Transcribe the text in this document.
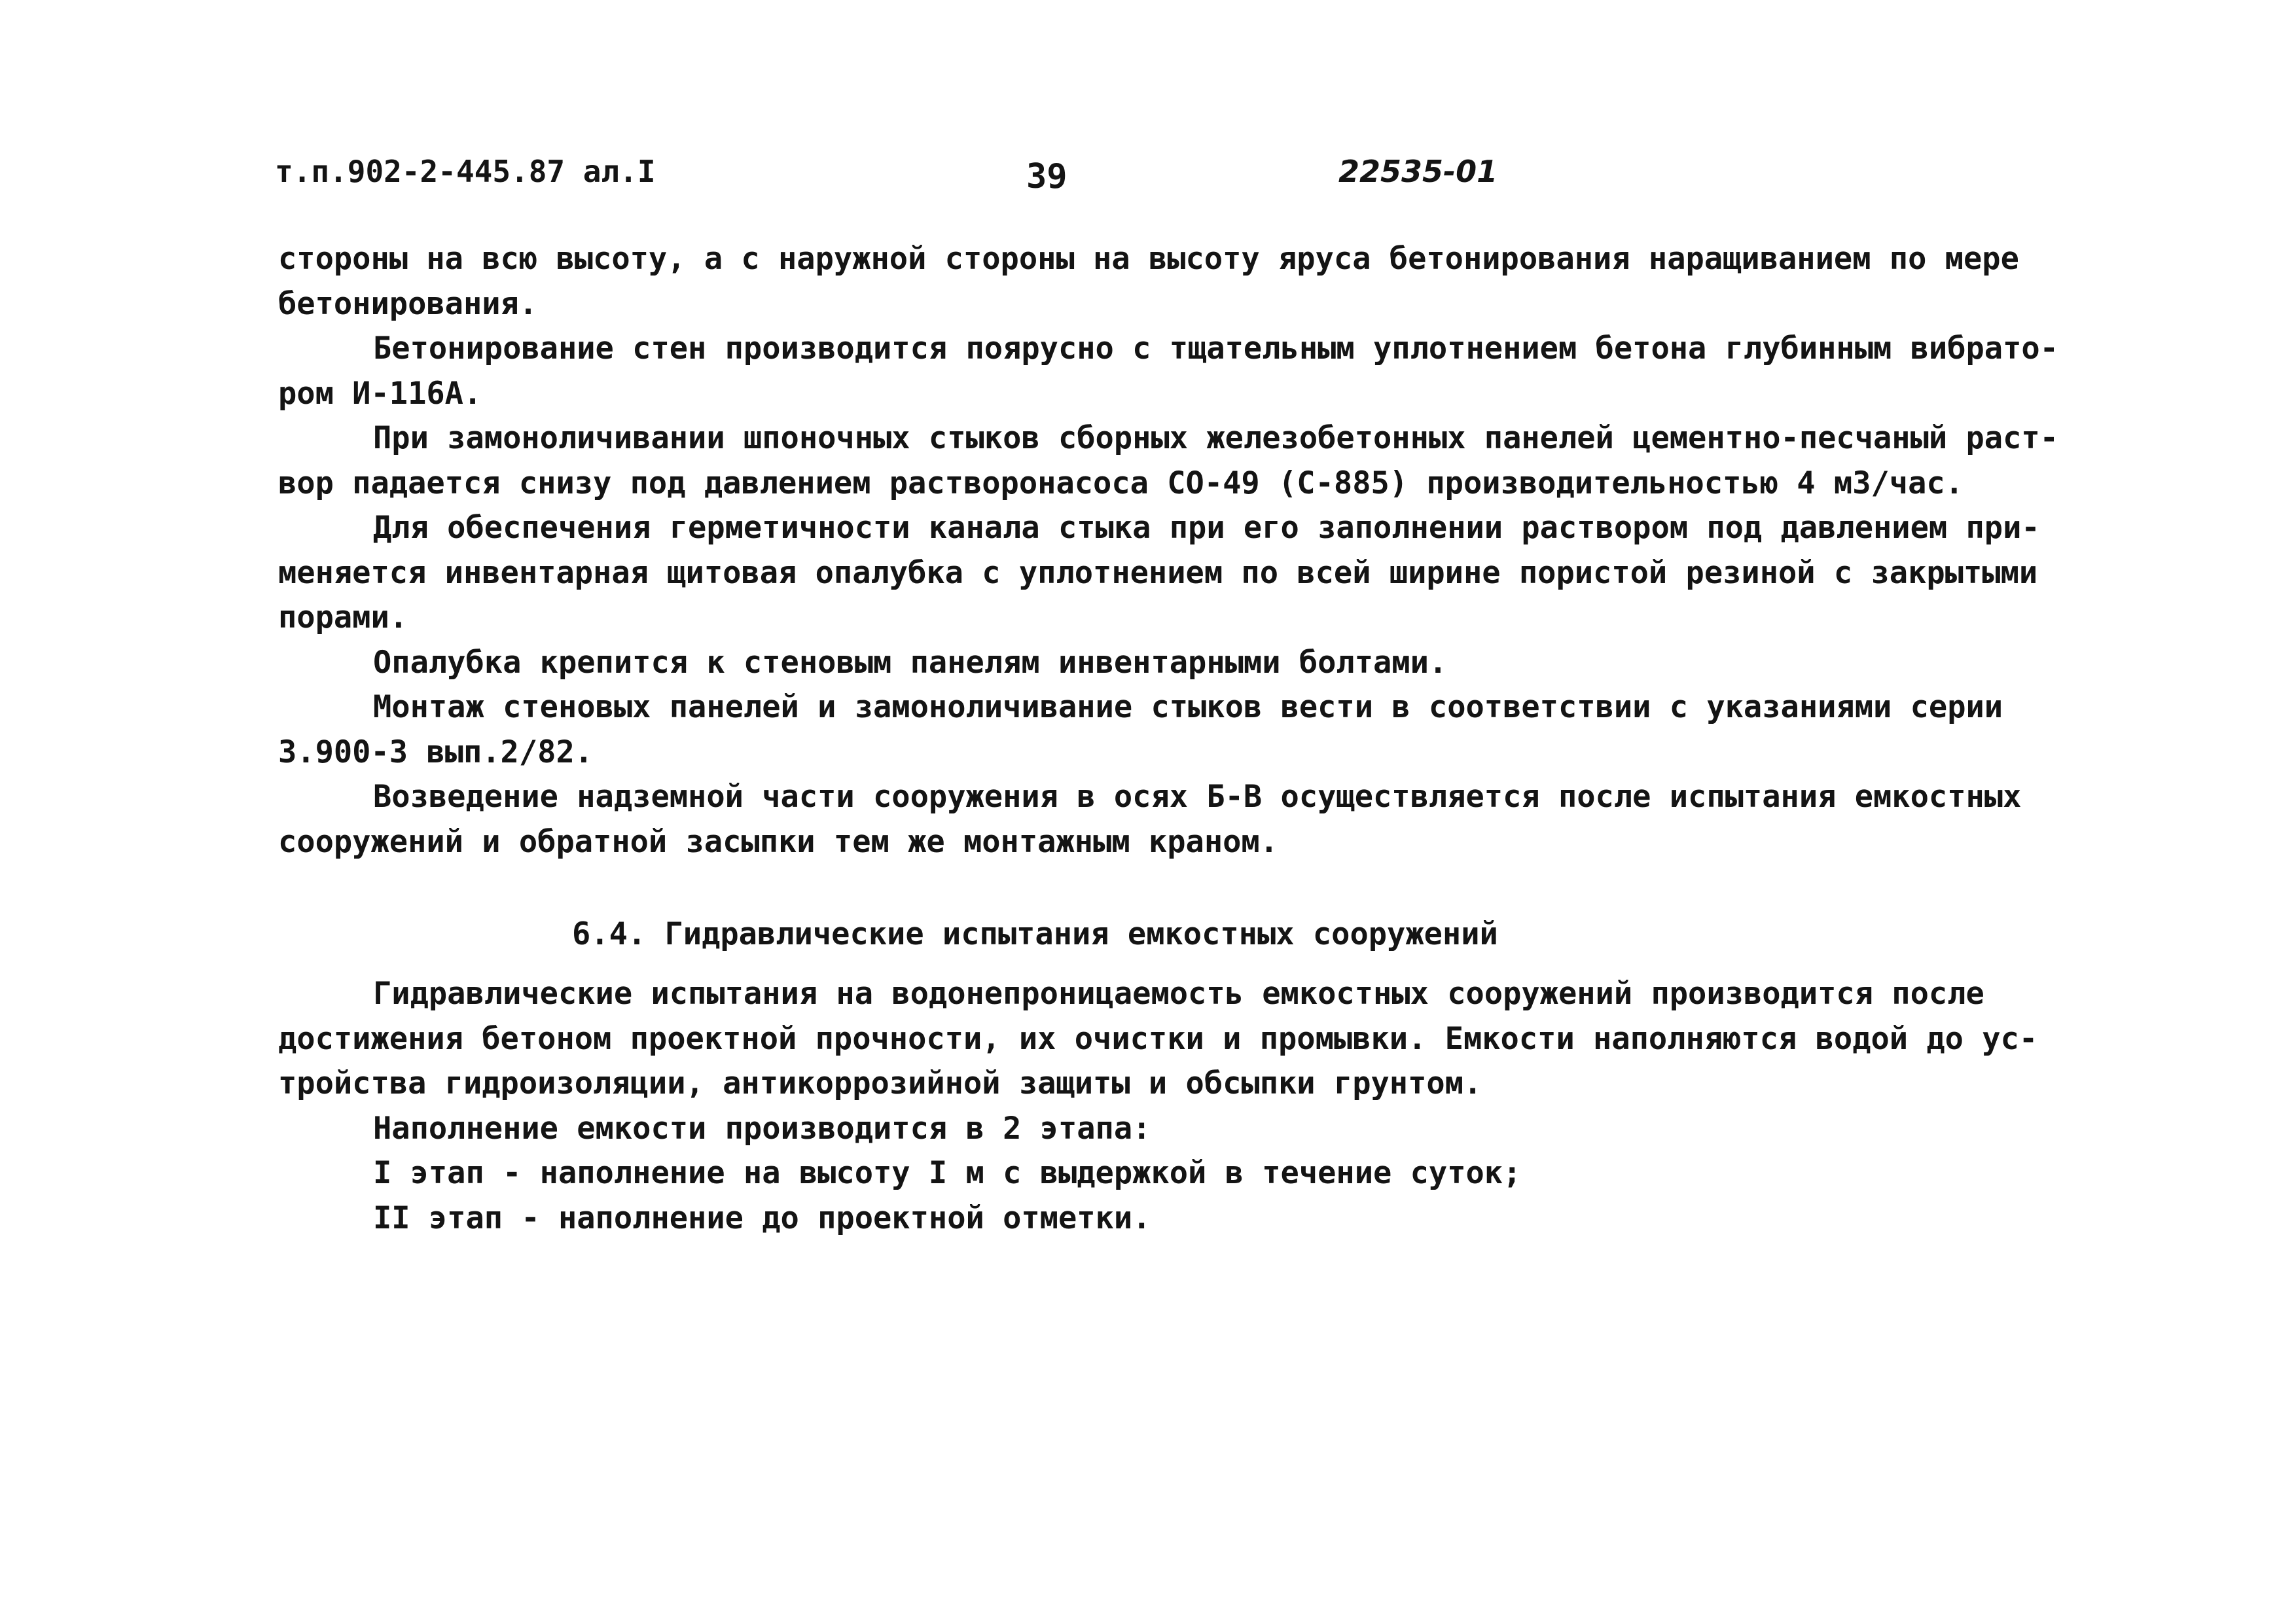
т.п.902-2-445.87 ал.I	39	22535-01
стороны на всю высоту, а с наружной стороны на высоту яруса бетонирования наращиванием по мере
бетонирования.
Бетонирование стен производится поярусно с тщательным уплотнением бетона глубинным вибрато-
ром И-116А.
При замоноличивании шпоночных стыков сборных железобетонных панелей цементно-песчаный раст-
вор падается снизу под давлением растворонасоса СО-49 (С-885) производительностью 4 м3/час.
Для обеспечения герметичности канала стыка при его заполнении раствором под давлением при-
меняется инвентарная щитовая опалубка с уплотнением по всей ширине пористой резиной с закрытыми
порами.
Опалубка крепится к стеновым панелям инвентарными болтами.
Монтаж стеновых панелей и замоноличивание стыков вести в соответствии с указаниями серии
3.900-3 вып.2/82.
Возведение надземной части сооружения в осях Б-В осуществляется после испытания емкостных
сооружений и обратной засыпки тем же монтажным краном.
6.4. Гидравлические испытания емкостных сооружений
Гидравлические испытания на водонепроницаемость емкостных сооружений производится после
достижения бетоном проектной прочности, их очистки и промывки. Емкости наполняются водой до ус-
тройства гидроизоляции, антикоррозийной защиты и обсыпки грунтом.
Наполнение емкости производится в 2 этапа:
I этап - наполнение на высоту I м с выдержкой в течение суток;
II этап - наполнение до проектной отметки.
